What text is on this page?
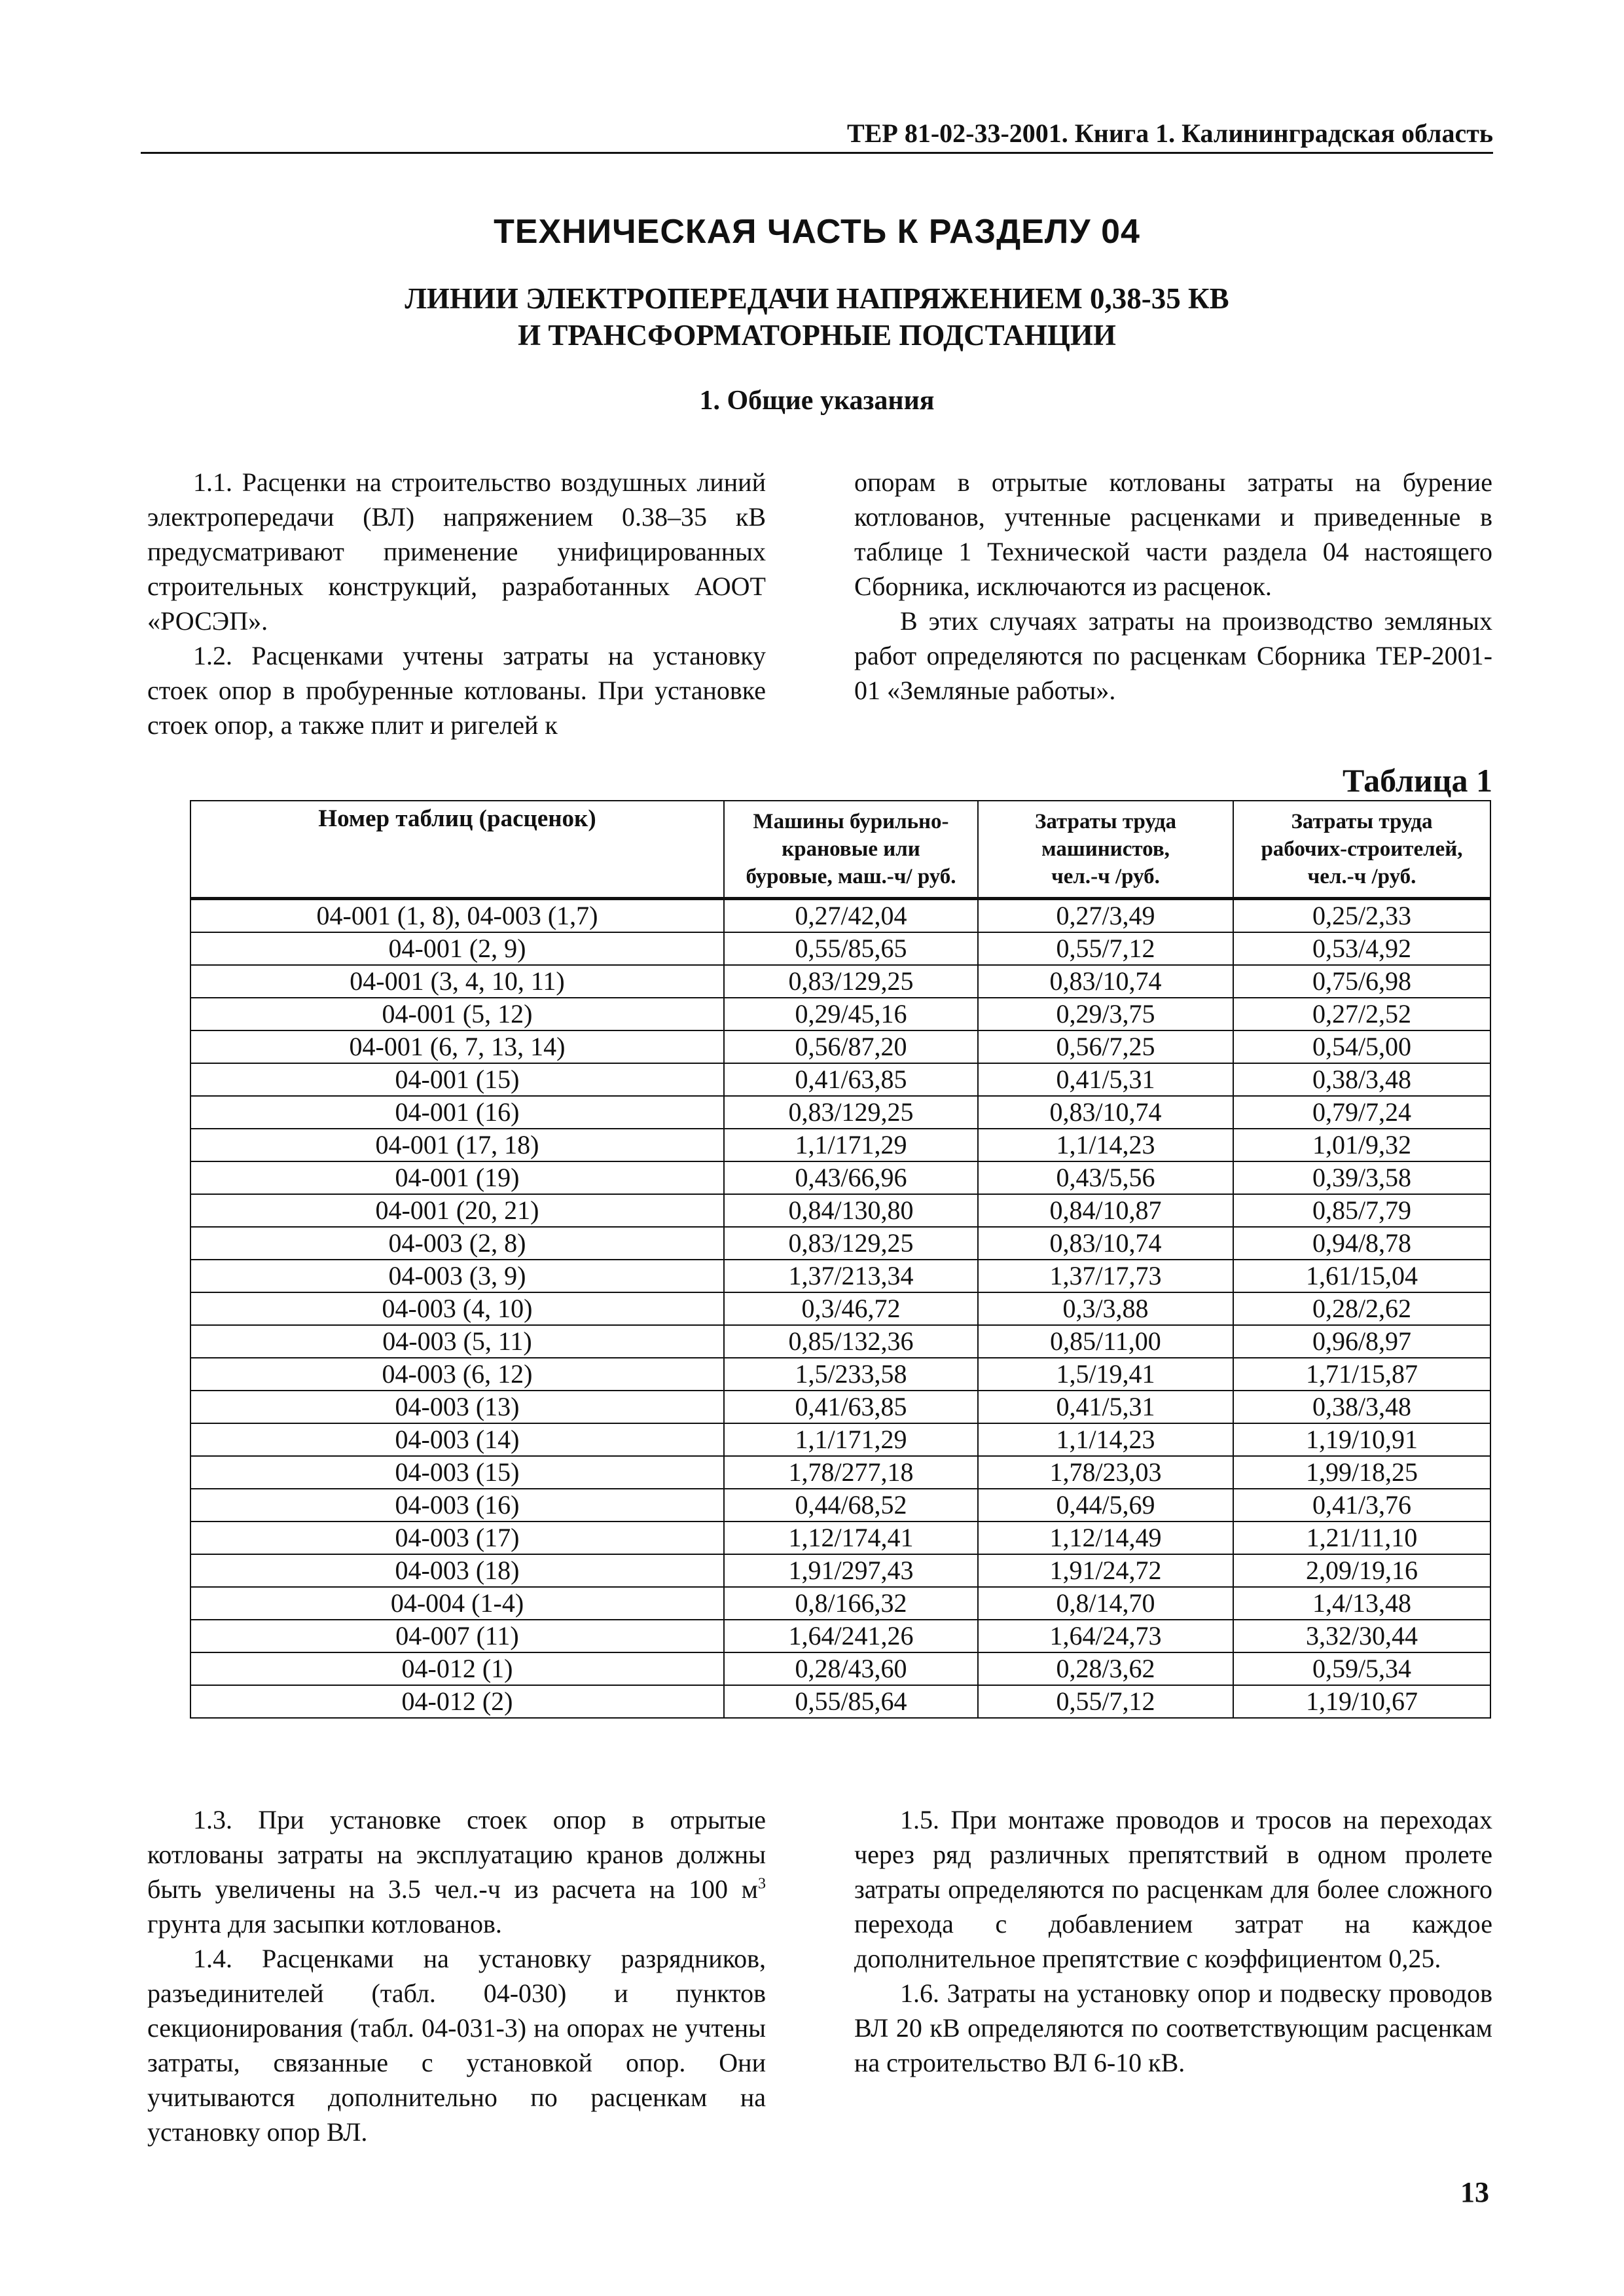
ТЕР 81-02-33-2001. Книга 1. Калининградская область
ТЕХНИЧЕСКАЯ ЧАСТЬ К РАЗДЕЛУ 04
ЛИНИИ ЭЛЕКТРОПЕРЕДАЧИ НАПРЯЖЕНИЕМ 0,38-35 КВ
И ТРАНСФОРМАТОРНЫЕ ПОДСТАНЦИИ
1. Общие указания

1.1. Расценки на строительство воздушных линий электропередачи (ВЛ) напряжением 0.38–35 кВ предусматривают применение унифицированных строительных конструкций, разработанных АООТ «РОСЭП».

1.2. Расценками учтены затраты на установку стоек опор в пробуренные котлованы. При установке стоек опор, а также плит и ригелей к

опорам в отрытые котлованы затраты на бурение котлованов, учтенные расценками и приведенные в таблице 1 Технической части раздела 04 настоящего Сборника, исключаются из расценок.

В этих случаях затраты на производство земляных работ определяются по расценкам Сборника ТЕР-2001-01 «Земляные работы».

Таблица 1
Номер таблиц (расценок)	Машины бурильно-
крановые или
буровые, маш.-ч/ руб.	Затраты труда
машинистов,
чел.-ч /руб.	Затраты труда
рабочих-строителей,
чел.-ч /руб.

04-001 (1, 8), 04-003 (1,7)	0,27/42,04	0,27/3,49	0,25/2,33
04-001 (2, 9)	0,55/85,65	0,55/7,12	0,53/4,92
04-001 (3, 4, 10, 11)	0,83/129,25	0,83/10,74	0,75/6,98
04-001 (5, 12)	0,29/45,16	0,29/3,75	0,27/2,52
04-001 (6, 7, 13, 14)	0,56/87,20	0,56/7,25	0,54/5,00
04-001 (15)	0,41/63,85	0,41/5,31	0,38/3,48
04-001 (16)	0,83/129,25	0,83/10,74	0,79/7,24
04-001 (17, 18)	1,1/171,29	1,1/14,23	1,01/9,32
04-001 (19)	0,43/66,96	0,43/5,56	0,39/3,58
04-001 (20, 21)	0,84/130,80	0,84/10,87	0,85/7,79
04-003 (2, 8)	0,83/129,25	0,83/10,74	0,94/8,78
04-003 (3, 9)	1,37/213,34	1,37/17,73	1,61/15,04
04-003 (4, 10)	0,3/46,72	0,3/3,88	0,28/2,62
04-003 (5, 11)	0,85/132,36	0,85/11,00	0,96/8,97
04-003 (6, 12)	1,5/233,58	1,5/19,41	1,71/15,87
04-003 (13)	0,41/63,85	0,41/5,31	0,38/3,48
04-003 (14)	1,1/171,29	1,1/14,23	1,19/10,91
04-003 (15)	1,78/277,18	1,78/23,03	1,99/18,25
04-003 (16)	0,44/68,52	0,44/5,69	0,41/3,76
04-003 (17)	1,12/174,41	1,12/14,49	1,21/11,10
04-003 (18)	1,91/297,43	1,91/24,72	2,09/19,16
04-004 (1-4)	0,8/166,32	0,8/14,70	1,4/13,48
04-007 (11)	1,64/241,26	1,64/24,73	3,32/30,44
04-012 (1)	0,28/43,60	0,28/3,62	0,59/5,34
04-012 (2)	0,55/85,64	0,55/7,12	1,19/10,67

1.3. При установке стоек опор в отрытые котлованы затраты на эксплуатацию кранов должны быть увеличены на 3.5 чел.-ч из расчета на 100 $м^3$ грунта для засыпки котлованов.

1.4. Расценками на установку разрядников, разъединителей (табл. 04-030) и пунктов секционирования (табл. 04-031-3) на опорах не учтены затраты, связанные с установкой опор. Они учитываются дополнительно по расценкам на установку опор ВЛ.

1.5. При монтаже проводов и тросов на переходах через ряд различных препятствий в одном пролете затраты определяются по расценкам для более сложного перехода с добавлением затрат на каждое дополнительное препятствие с коэффициентом 0,25.

1.6. Затраты на установку опор и подвеску проводов ВЛ 20 кВ определяются по соответствующим расценкам на строительство ВЛ 6-10 кВ.

13
